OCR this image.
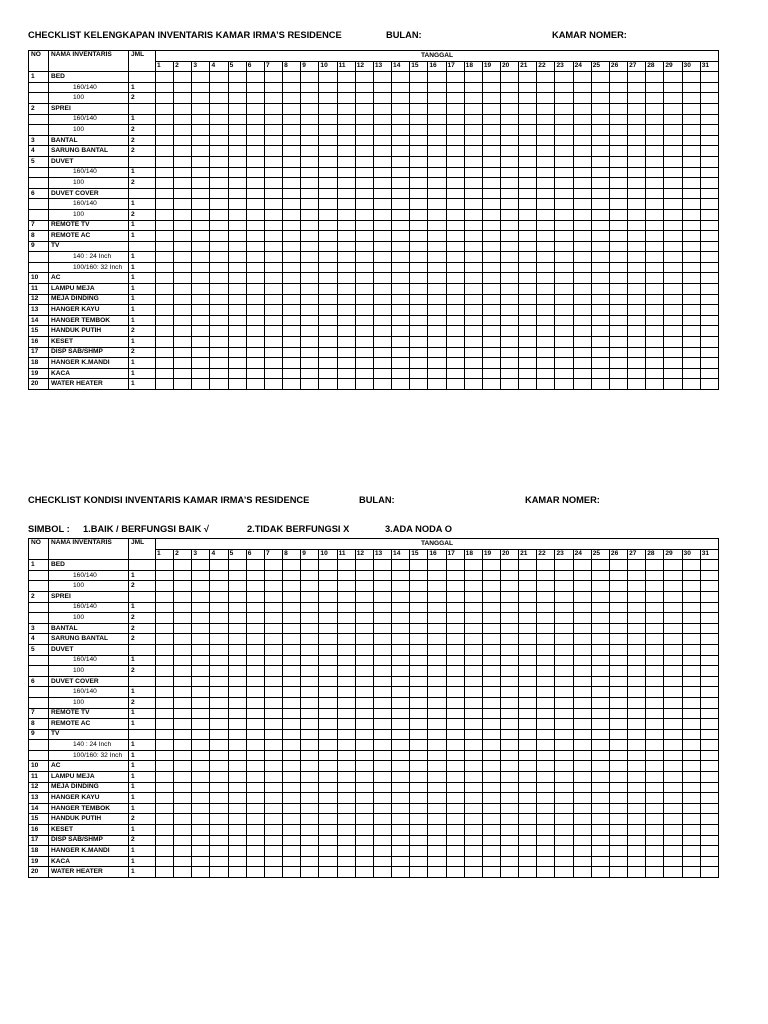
CHECKLIST KELENGKAPAN INVENTARIS KAMAR IRMA’S RESIDENCE	BULAN:	KAMAR NOMER:
NO	NAMA INVENTARIS	JML	TANGGAL																														
			1	2	3	4	5	6	7	8	9	10	11	12	13	14	15	16	17	18	19	20	21	22	23	24	25	26	27	28	29	30	31
1	BED																																
	160/140	1																															
	100	2																															
2	SPREI																																
	160/140	1																															
	100	2																															
3	BANTAL	2																															
4	SARUNG BANTAL	2																															
5	DUVET																																
	160/140	1																															
	100	2																															
6	DUVET COVER																																
	160/140	1																															
	100	2																															
7	REMOTE TV	1																															
8	REMOTE AC	1																															
9	TV																																
	140 : 24 Inch	1																															
	100/160: 32 Inch	1																															
10	AC	1																															
11	LAMPU MEJA	1																															
12	MEJA DINDING	1																															
13	HANGER KAYU	1																															
14	HANGER TEMBOK	1																															
15	HANDUK PUTIH	2																															
16	KESET	1																															
17	DISP SAB/SHMP	2																															
18	HANGER K.MANDI	1																															
19	KACA	1																															
20	WATER HEATER	1																															
CHECKLIST KONDISI INVENTARIS KAMAR IRMA’S RESIDENCE	BULAN:	KAMAR NOMER:
SIMBOL : 1.BAIK / BERFUNGSI BAIK √	2.TIDAK BERFUNGSI X	3.ADA NODA O
NO	NAMA INVENTARIS	JML	TANGGAL																														
			1	2	3	4	5	6	7	8	9	10	11	12	13	14	15	16	17	18	19	20	21	22	23	24	25	26	27	28	29	30	31
1	BED																																
	160/140	1																															
	100	2																															
2	SPREI																																
	160/140	1																															
	100	2																															
3	BANTAL	2																															
4	SARUNG BANTAL	2																															
5	DUVET																																
	160/140	1																															
	100	2																															
6	DUVET COVER																																
	160/140	1																															
	100	2																															
7	REMOTE TV	1																															
8	REMOTE AC	1																															
9	TV																																
	140 : 24 Inch	1																															
	100/160: 32 Inch	1																															
10	AC	1																															
11	LAMPU MEJA	1																															
12	MEJA DINDING	1																															
13	HANGER KAYU	1																															
14	HANGER TEMBOK	1																															
15	HANDUK PUTIH	2																															
16	KESET	1																															
17	DISP SAB/SHMP	2																															
18	HANGER K.MANDI	1																															
19	KACA	1																															
20	WATER HEATER	1																															
